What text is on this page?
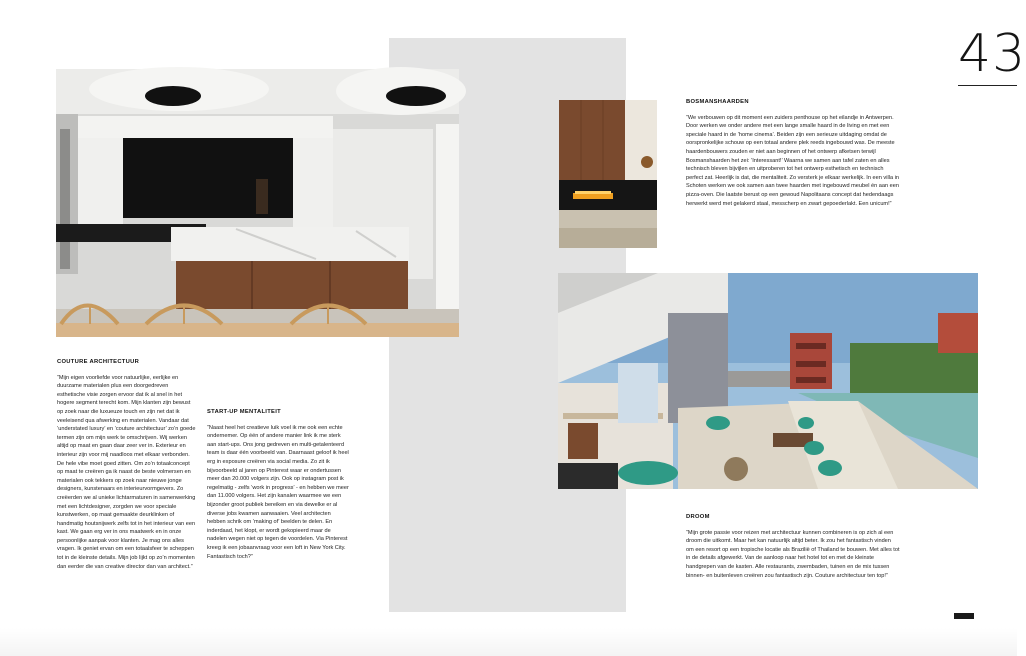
43
COUTURE ARCHITECTUUR

“Mijn eigen voorliefde voor natuurlijke, eerlijke en duurzame materialen plus een doorgedreven esthetische visie zorgen ervoor dat ik al snel in het hogere segment terecht kom. Mijn klanten zijn bewust op zoek naar die luxueuze touch en zijn net dat ik veeleisend qua afwerking en materialen. Vandaar dat ‘understated luxury’ en ‘couture architectuur’ zo’n goede termen zijn om mijn werk te omschrijven. Wij werken altijd op maat en gaan daar zeer ver in. Exterieur en interieur zijn voor mij naadloos met elkaar verbonden. De hele vibe moet goed zitten. Om zo’n totaalconcept op maat te creëren ga ik naast de beste volmersen en materialen ook tekkers op zoek naar nieuwe jonge designers, kunstenaars en interieurvormgevers. Zo creëerden we al unieke lichtarmaturen in samenwerking met een lichtdesigner, zorgden we voor speciale kunstwerken, op maat gemaakte deurklinken of handmatig houtsnijwerk zelfs tot in het interieur van een kast. We gaan erg ver in ons maatwerk en in onze persoonlijke aanpak voor klanten. Je mag ons alles vragen. Ik geniet ervan om een totaalsfeer te scheppen tot in de kleinste details. Mijn job lijkt op zo’n momenten dan eerder die van creative director dan van architect.”

START-UP MENTALITEIT

“Naast heel het creatieve luik voel ik me ook een echte ondernemer. Op één of andere manier link ik me sterk aan start-ups. Ons jong gedreven en multi-getalenteerd team is daar één voorbeeld van. Daarnaast geloof ik heel erg in exposure creëren via social media. Zo zit ik bijvoorbeeld al jaren op Pinterest waar er ondertussen meer dan 20.000 volgers zijn. Ook op instagram post ik regelmatig - zelfs ‘work in progress’ - en hebben we meer dan 11.000 volgers. Het zijn kanalen waarmee we een bijzonder groot publiek bereiken en via dewelke er al diverse jobs kwamen aanwaaien. Veel architecten hebben schrik om ‘making of’ beelden te delen. En inderdaad, het klopt, er wordt gekopieerd maar de nadelen wegen niet op tegen de voordelen. Via Pinterest kreeg ik een jobaanvraag voor een loft in New York City. Fantastisch toch?”

BOSMANSHAARDEN

“We verbouwen op dit moment een zuiders penthouse op het eilandje in Antwerpen. Door werken we onder andere met een lange smalle haard in de living en met een speciale haard in de ‘home cinema’. Beiden zijn een serieuze uitdaging omdat de oorspronkelijke schouw op een totaal andere plek reeds ingebouwd was. De meeste haardenbouwers zouden er niet aan beginnen of het ontwerp afketsen terwijl Bosmanshaarden het zei: ‘Interessant!’ Waarna we samen aan tafel zaten en alles technisch bleven bijvijlen en uitproberen tot het ontwerp esthetisch en technisch perfect zat. Heerlijk is dat, die mentaliteit. Zo versterk je elkaar werkelijk. In een villa in Schoten werken we ook samen aan twee haarden met ingebouwd meubel én aan een pizza-oven. Die laatste berust op een gewoud Napolitaans concept dat hedendaags herwerkt werd met gelakerd staal, messcherp en zwart gepoederlakt. Een unicum!”

DROOM

“Mijn grote passie voor reizen met architectuur kunnen combineren is op zich al een droom die uitkomt. Maar het kan natuurlijk altijd beter. Ik zou het fantastisch vinden om een resort op een tropische locatie als Brazilië of Thailand te bouwen. Met alles tot in de details afgewerkt. Van de aanloop naar het hotel tot en met de kleinste handgrepen van de kasten. Alle restaurants, zwembaden, tuinen en de mix tussen binnen- en buitenleven creëren zou fantastisch zijn. Couture architectuur ten top!”
